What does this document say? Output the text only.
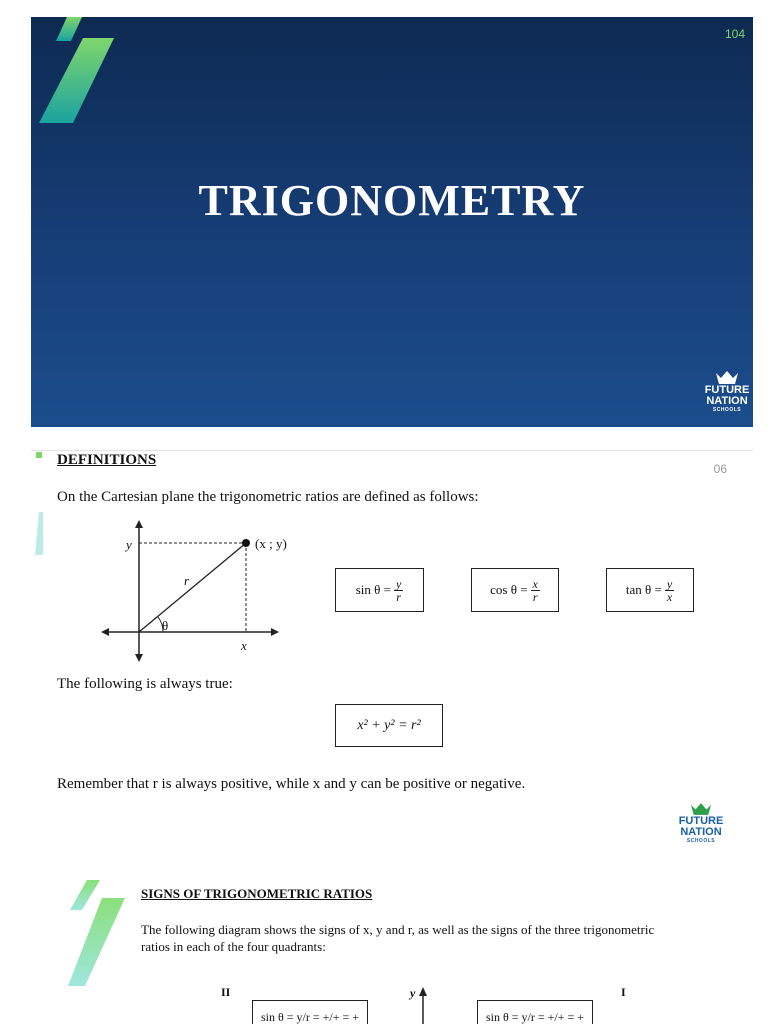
104
TRIGONOMETRY
FUTURE
NATION
SCHOOLS
DEFINITIONS
06
On the Cartesian plane the trigonometric ratios are defined as follows:
y	(x ; y)
r
θ
x
$\sin \theta = \frac{y}{r}$	$\cos \theta = \frac{x}{r}$	$\tan \theta = \frac{y}{x}$
The following is always true:
x² + y² = r²
Remember that r is always positive, while x and y can be positive or negative.
FUTURE
NATION
SCHOOLS
SIGNS OF TRIGONOMETRIC RATIOS
The following diagram shows the signs of x, y and r, as well as the signs of the three trigonometric
ratios in each of the four quadrants:
II	I
y
sin θ = y/r = +/+ = +	sin θ = y/r = +/+ = +
